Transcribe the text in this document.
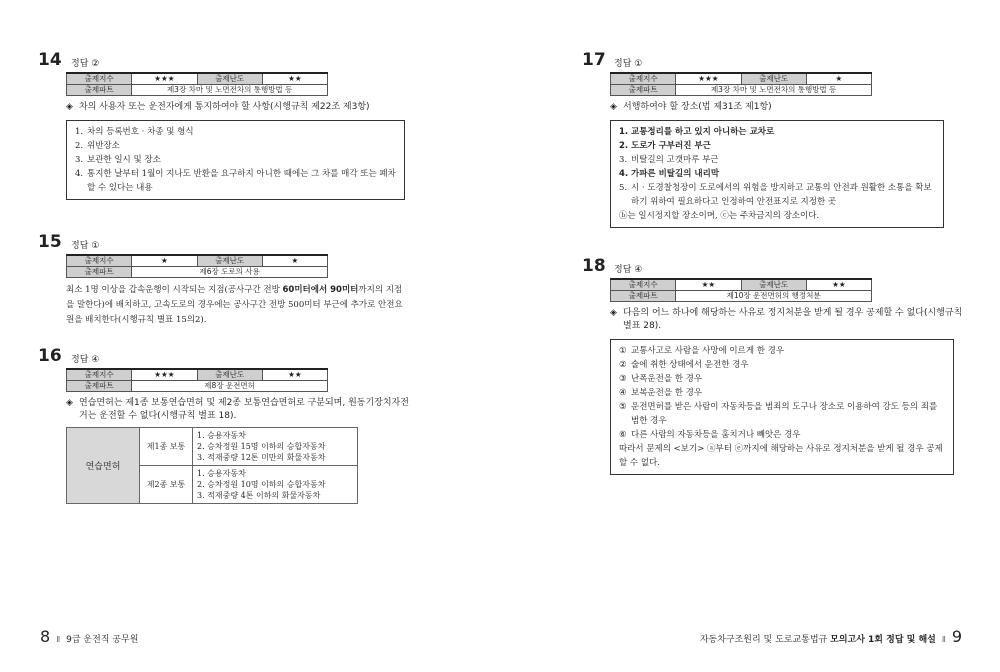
14 정답 ②
출제지수	★★★	출제난도	★★
출제파트	제3장 차마 및 노면전차의 통행방법 등		
◈ 차의 사용자 또는 운전자에게 통지하여야 할 사항(시행규칙 제22조 제3항)
1. 차의 등록번호 · 차종 및 형식
2. 위반장소
3. 보관한 일시 및 장소
4. 통지한 날부터 1월이 지나도 반환을 요구하지 아니한 때에는 그 차를 매각 또는 폐차할 수 있다는 내용
15 정답 ①
출제지수	★	출제난도	★
출제파트	제6장 도로의 사용		
최소 1명 이상을 갑속운행이 시작되는 지점(공사구간 전방 60미터에서 90미터까지의 지점을 말한다)에 배치하고, 고속도로의 경우에는 공사구간 전방 500미터 부근에 추가로 안전요원을 배치한다(시행규칙 별표 15의2).
16 정답 ④
출제지수	★★★	출제난도	★★
출제파트	제8장 운전면허		
◈ 연습면허는 제1종 보통연습면허 및 제2종 보통연습면허로 구분되며, 원동기장치자전거는 운전할 수 없다(시행규칙 별표 18).
연습면허	제1종 보통	1. 승용자동차
2. 승차정원 15명 이하의 승합자동차
3. 적재중량 12톤 미만의 화물자동차

	제2종 보통	1. 승용자동차
2. 승차정원 10명 이하의 승합자동차
3. 적재중량 4톤 이하의 화물자동차
8 Ⅱ 9급 운전직 공무원
17 정답 ①
출제지수	★★★	출제난도	★
출제파트	제3장 차마 및 노면전차의 통행방법 등		
◈ 서행하여야 할 장소(법 제31조 제1항)
1. 교통정리를 하고 있지 아니하는 교차로
2. 도로가 구부러진 부근
3. 비탈길의 고갯마루 부근
4. 가파른 비탈길의 내리막
5. 시 · 도경찰청장이 도로에서의 위험을 방지하고 교통의 안전과 원활한 소통을 확보하기 위하여 필요하다고 인정하여 안전표지로 지정한 곳
ⓑ는 일시정지할 장소이며, ⓒ는 주차금지의 장소이다.
18 정답 ④
출제지수	★★	출제난도	★★
출제파트	제10장 운전면허의 행정처분		
◈ 다음의 어느 하나에 해당하는 사유로 정지처분을 받게 될 경우 공제할 수 없다(시행규칙 별표 28).
① 교통사고로 사람을 사망에 이르게 한 경우
② 술에 취한 상태에서 운전한 경우
③ 난폭운전을 한 경우
④ 보복운전을 한 경우
⑤ 운전면허를 받은 사람이 자동차등을 범죄의 도구나 장소로 이용하여 강도 등의 죄를 범한 경우
⑥ 다른 사람의 자동차등을 훔치거나 빼앗은 경우
따라서 문제의 <보기> ⓐ부터 ⓔ까지에 해당하는 사유로 정지처분을 받게 될 경우 공제할 수 없다.
자동차구조원리 및 도로교통법규 모의고사 1회 정답 및 해설 Ⅱ 9
